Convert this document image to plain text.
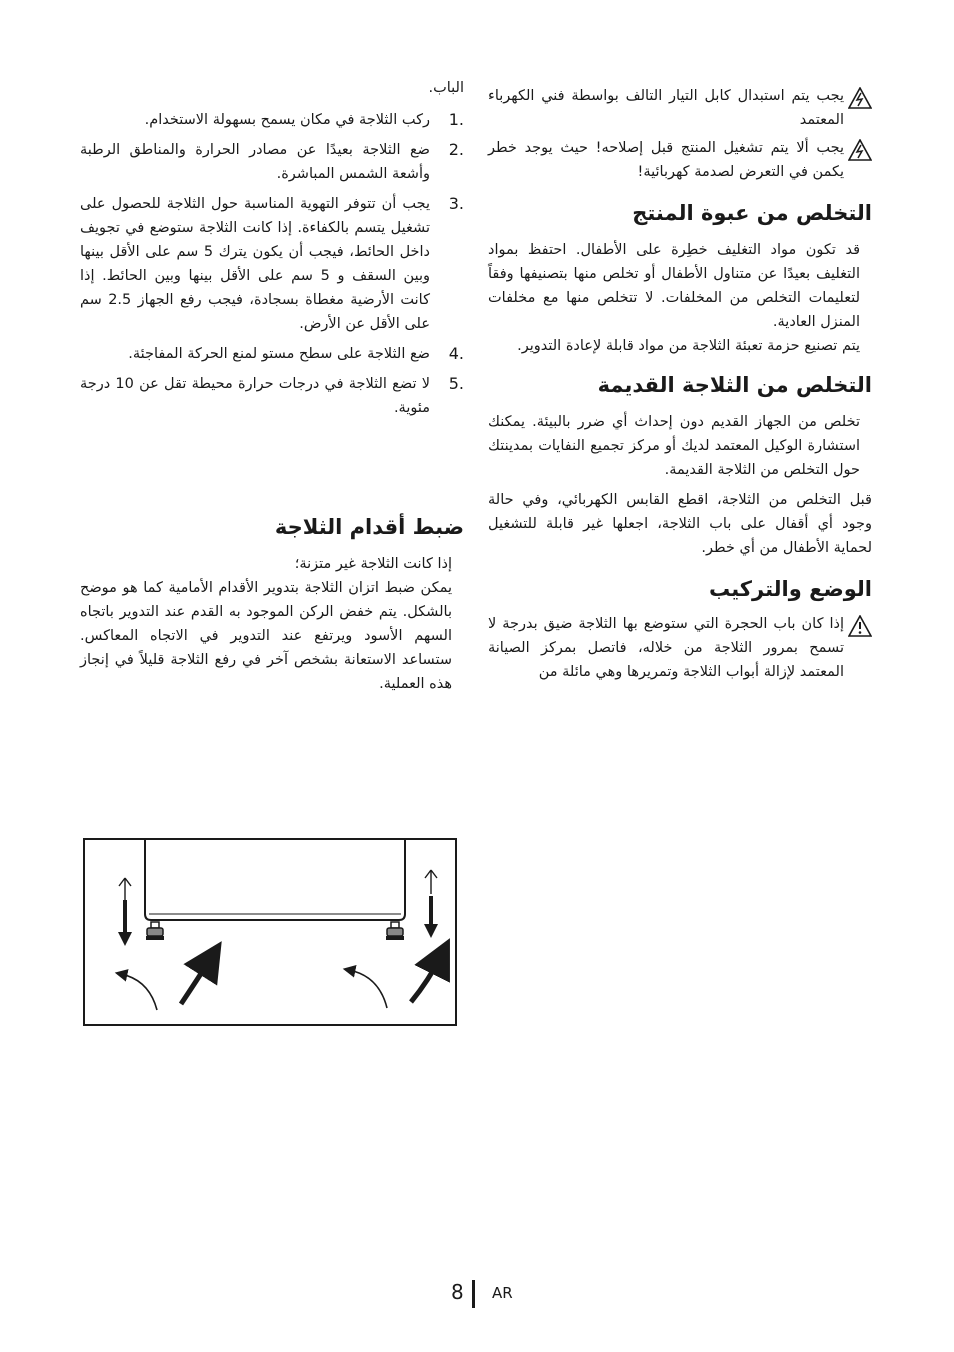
يجب يتم استبدال كابل التيار التالف بواسطة فني الكهرباء المعتمد

يجب ألا يتم تشغيل المنتج قبل إصلاحه! حيث يوجد خطر يكمن في التعرض لصدمة كهربائية!

التخلص من عبوة المنتج

قد تكون مواد التغليف خطِرة على الأطفال. احتفظ بمواد التغليف بعيدًا عن متناول الأطفال أو تخلص منها بتصنيفها وفقاً لتعليمات التخلص من المخلفات. لا تتخلص منها مع مخلفات المنزل العادية.

يتم تصنيع حزمة تعبئة الثلاجة من مواد قابلة لإعادة التدوير.

التخلص من الثلاجة القديمة

تخلص من الجهاز القديم دون إحداث أي ضرر بالبيئة. يمكنك استشارة الوكيل المعتمد لديك أو مركز تجميع النفايات بمدينتك حول التخلص من الثلاجة القديمة.

قبل التخلص من الثلاجة، اقطع القابس الكهربائي، وفي حالة وجود أي أقفال على باب الثلاجة، اجعلها غير قابلة للتشغيل لحماية الأطفال من أي خطر.

الوضع والتركيب

إذا كان باب الحجرة التي ستوضع بها الثلاجة ضيق بدرجة لا تسمح بمرور الثلاجة من خلاله، فاتصل بمركز الصيانة المعتمد لإزالة أبواب الثلاجة وتمريرها وهي مائلة من

الباب.

1.
ركب الثلاجة في مكان يسمح بسهولة الاستخدام.
2.
ضع الثلاجة بعيدًا عن مصادر الحرارة والمناطق الرطبة وأشعة الشمس المباشرة.
3.
يجب أن تتوفر التهوية المناسبة حول الثلاجة للحصول على تشغيل يتسم بالكفاءة. إذا كانت الثلاجة ستوضع في تجويف داخل الحائط، فيجب أن يكون يترك 5 سم على الأقل بينها وبين السقف و 5 سم على الأقل بينها وبين الحائط. إذا كانت الأرضية مغطاة بسجادة، فيجب رفع الجهاز 2.5 سم على الأقل عن الأرض.
4.
ضع الثلاجة على سطح مستو لمنع الحركة المفاجئة.
5.
لا تضع الثلاجة في درجات حرارة محيطة تقل عن 10 درجة مئوية.
ضبط أقدام الثلاجة

إذا كانت الثلاجة غير متزنة؛

يمكن ضبط اتزان الثلاجة بتدوير الأقدام الأمامية كما هو موضح بالشكل. يتم خفض الركن الموجود به القدم عند التدوير باتجاه السهم الأسود ويرتفع عند التدوير في الاتجاه المعاكس. ستساعد الاستعانة بشخص آخر في رفع الثلاجة قليلاً في إنجاز هذه العملية.

8 AR
